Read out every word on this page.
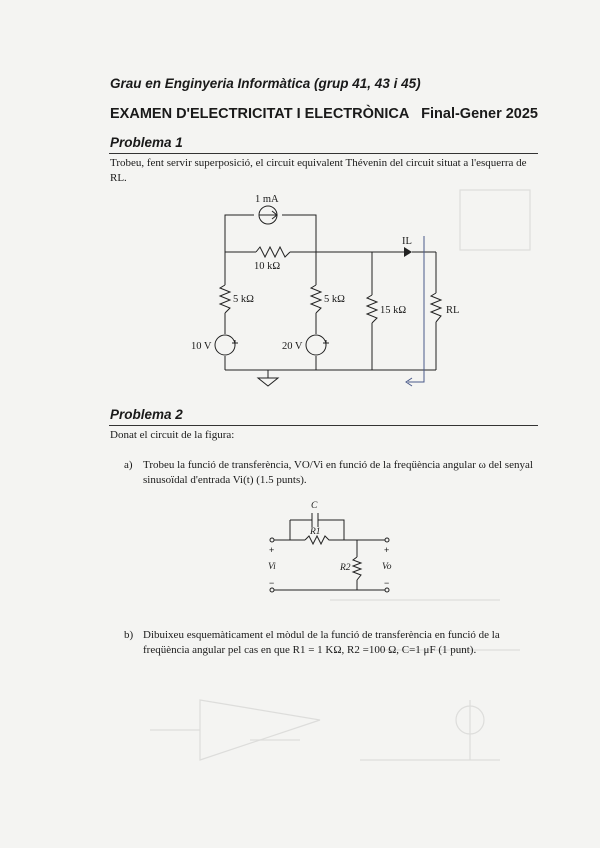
Grau en Enginyeria Informàtica (grup 41, 43 i 45)
EXAMEN D'ELECTRICITAT I ELECTRÒNICA Final-Gener 2025
Problema 1
Trobeu, fent servir superposició, el circuit equivalent Thévenin del circuit situat a l'esquerra de
RL.
1 mA
10 kΩ
5 kΩ	5 kΩ
15 kΩ	RL
10 V	20 V
IL
Problema 2
Donat el circuit de la figura:
a) Trobeu la funció de transferència, VO/Vi en funció de la freqüència angular ω del senyal
sinusoïdal d'entrada Vi(t) (1.5 punts).
C
R1
R2
Vi	Vo
+
−
+
−
b) Dibuixeu esquemàticament el mòdul de la funció de transferència en funció de la
freqüència angular pel cas en que R1 = 1 KΩ, R2 =100 Ω, C=1 μF (1 punt).
